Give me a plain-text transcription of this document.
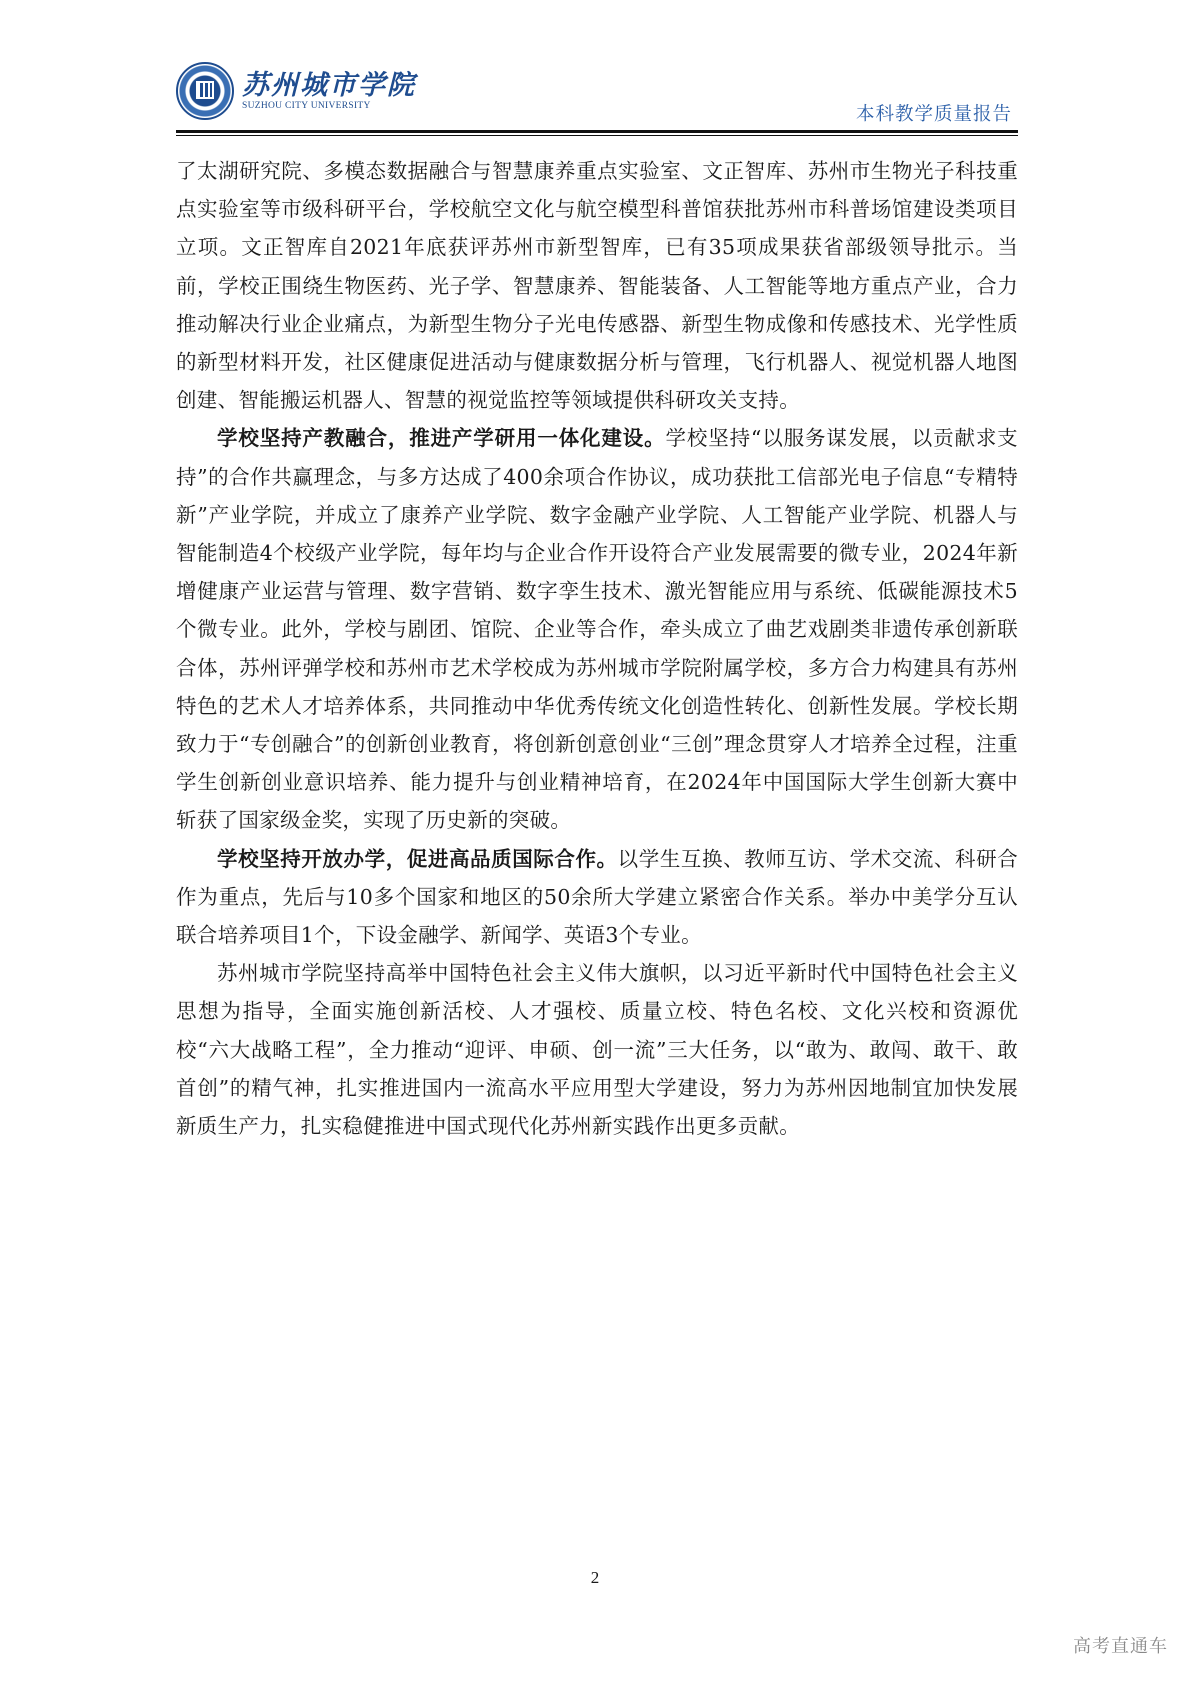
苏州城市学院
SUZHOU CITY UNIVERSITY	本科教学质量报告

了太湖研究院、多模态数据融合与智慧康养重点实验室、文正智库、苏州市生物光子科技重点实验室等市级科研平台，学校航空文化与航空模型科普馆获批苏州市科普场馆建设类项目立项。文正智库自2021年底获评苏州市新型智库，已有35项成果获省部级领导批示。当前，学校正围绕生物医药、光子学、智慧康养、智能装备、人工智能等地方重点产业，合力推动解决行业企业痛点，为新型生物分子光电传感器、新型生物成像和传感技术、光学性质的新型材料开发，社区健康促进活动与健康数据分析与管理，飞行机器人、视觉机器人地图创建、智能搬运机器人、智慧的视觉监控等领域提供科研攻关支持。

学校坚持产教融合，推进产学研用一体化建设。学校坚持“以服务谋发展，以贡献求支持”的合作共赢理念，与多方达成了400余项合作协议，成功获批工信部光电子信息“专精特新”产业学院，并成立了康养产业学院、数字金融产业学院、人工智能产业学院、机器人与智能制造4个校级产业学院，每年均与企业合作开设符合产业发展需要的微专业，2024年新增健康产业运营与管理、数字营销、数字孪生技术、激光智能应用与系统、低碳能源技术5个微专业。此外，学校与剧团、馆院、企业等合作，牵头成立了曲艺戏剧类非遗传承创新联合体，苏州评弹学校和苏州市艺术学校成为苏州城市学院附属学校，多方合力构建具有苏州特色的艺术人才培养体系，共同推动中华优秀传统文化创造性转化、创新性发展。学校长期致力于“专创融合”的创新创业教育，将创新创意创业“三创”理念贯穿人才培养全过程，注重学生创新创业意识培养、能力提升与创业精神培育，在2024年中国国际大学生创新大赛中斩获了国家级金奖，实现了历史新的突破。

学校坚持开放办学，促进高品质国际合作。以学生互换、教师互访、学术交流、科研合作为重点，先后与10多个国家和地区的50余所大学建立紧密合作关系。举办中美学分互认联合培养项目1个，下设金融学、新闻学、英语3个专业。

苏州城市学院坚持高举中国特色社会主义伟大旗帜，以习近平新时代中国特色社会主义思想为指导，全面实施创新活校、人才强校、质量立校、特色名校、文化兴校和资源优校“六大战略工程”，全力推动“迎评、申硕、创一流”三大任务，以“敢为、敢闯、敢干、敢首创”的精气神，扎实推进国内一流高水平应用型大学建设，努力为苏州因地制宜加快发展新质生产力，扎实稳健推进中国式现代化苏州新实践作出更多贡献。

2
高考直通车
